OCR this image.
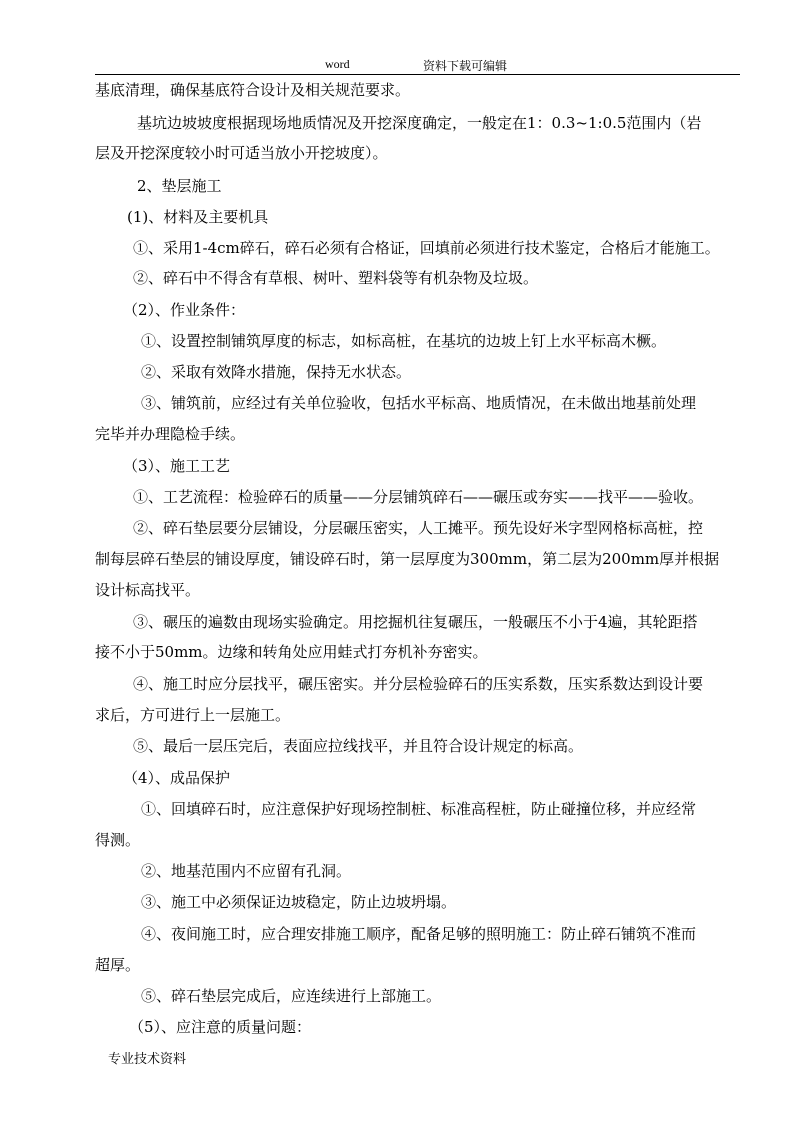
word	资料下载可编辑
基底清理，确保基底符合设计及相关规范要求。
基坑边坡坡度根据现场地质情况及开挖深度确定，一般定在1：0.3~1:0.5范围内（岩
层及开挖深度较小时可适当放小开挖坡度）。
2、垫层施工
(1)、材料及主要机具
①、采用1-4cm碎石，碎石必须有合格证，回填前必须进行技术鉴定，合格后才能施工。
②、碎石中不得含有草根、树叶、塑料袋等有机杂物及垃圾。
（2）、作业条件：
①、设置控制铺筑厚度的标志，如标高桩，在基坑的边坡上钉上水平标高木橛。
②、采取有效降水措施，保持无水状态。
③、铺筑前，应经过有关单位验收，包括水平标高、地质情况，在未做出地基前处理
完毕并办理隐检手续。
（3）、施工工艺
①、工艺流程：检验碎石的质量——分层铺筑碎石——碾压或夯实——找平——验收。
②、碎石垫层要分层铺设，分层碾压密实，人工摊平。预先设好米字型网格标高桩，控
制每层碎石垫层的铺设厚度，铺设碎石时，第一层厚度为300mm，第二层为200mm厚并根据
设计标高找平。
③、碾压的遍数由现场实验确定。用挖掘机往复碾压，一般碾压不小于4遍，其轮距搭
接不小于50mm。边缘和转角处应用蛙式打夯机补夯密实。
④、施工时应分层找平，碾压密实。并分层检验碎石的压实系数，压实系数达到设计要
求后，方可进行上一层施工。
⑤、最后一层压完后，表面应拉线找平，并且符合设计规定的标高。
（4）、成品保护
①、回填碎石时，应注意保护好现场控制桩、标准高程桩，防止碰撞位移，并应经常
得测。
②、地基范围内不应留有孔洞。
③、施工中必须保证边坡稳定，防止边坡坍塌。
④、夜间施工时，应合理安排施工顺序，配备足够的照明施工：防止碎石铺筑不准而
超厚。
⑤、碎石垫层完成后，应连续进行上部施工。
（5）、应注意的质量问题：
专业技术资料
